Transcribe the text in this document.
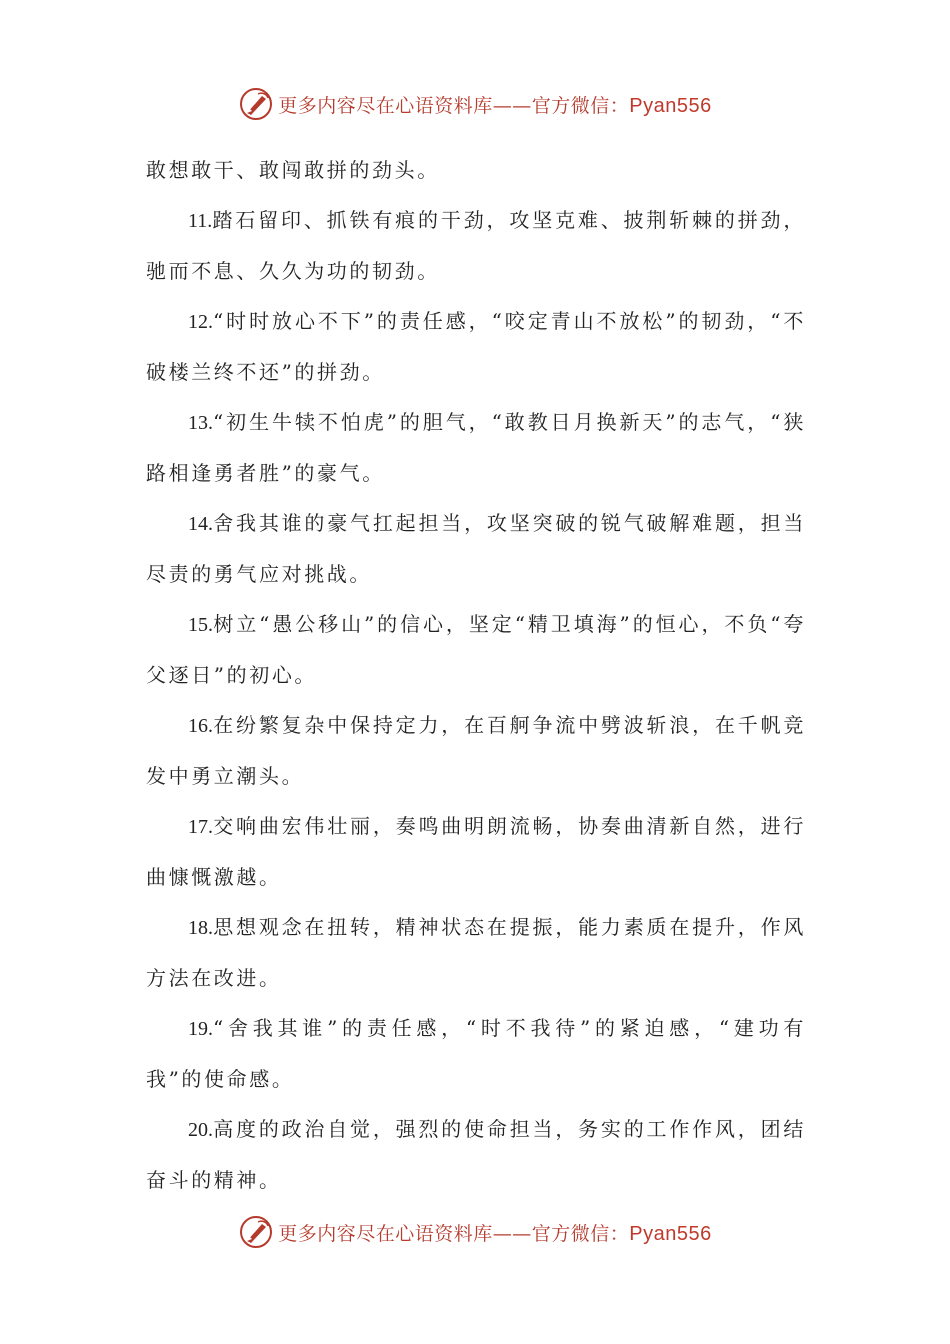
更多内容尽在心语资料库——官方微信：Pyan556

敢想敢干、敢闯敢拼的劲头。

11.踏石留印、抓铁有痕的干劲，攻坚克难、披荆斩棘的拼劲，驰而不息、久久为功的韧劲。

12.“时时放心不下”的责任感，“咬定青山不放松”的韧劲，“不破楼兰终不还”的拼劲。

13.“初生牛犊不怕虎”的胆气，“敢教日月换新天”的志气，“狭路相逢勇者胜”的豪气。

14.舍我其谁的豪气扛起担当，攻坚突破的锐气破解难题，担当尽责的勇气应对挑战。

15.树立“愚公移山”的信心，坚定“精卫填海”的恒心，不负“夸父逐日”的初心。

16.在纷繁复杂中保持定力，在百舸争流中劈波斩浪，在千帆竞发中勇立潮头。

17.交响曲宏伟壮丽，奏鸣曲明朗流畅，协奏曲清新自然，进行曲慷慨激越。

18.思想观念在扭转，精神状态在提振，能力素质在提升，作风方法在改进。

19.“舍我其谁”的责任感，“时不我待”的紧迫感，“建功有我”的使命感。

20.高度的政治自觉，强烈的使命担当，务实的工作作风，团结奋斗的精神。

更多内容尽在心语资料库——官方微信：Pyan556
